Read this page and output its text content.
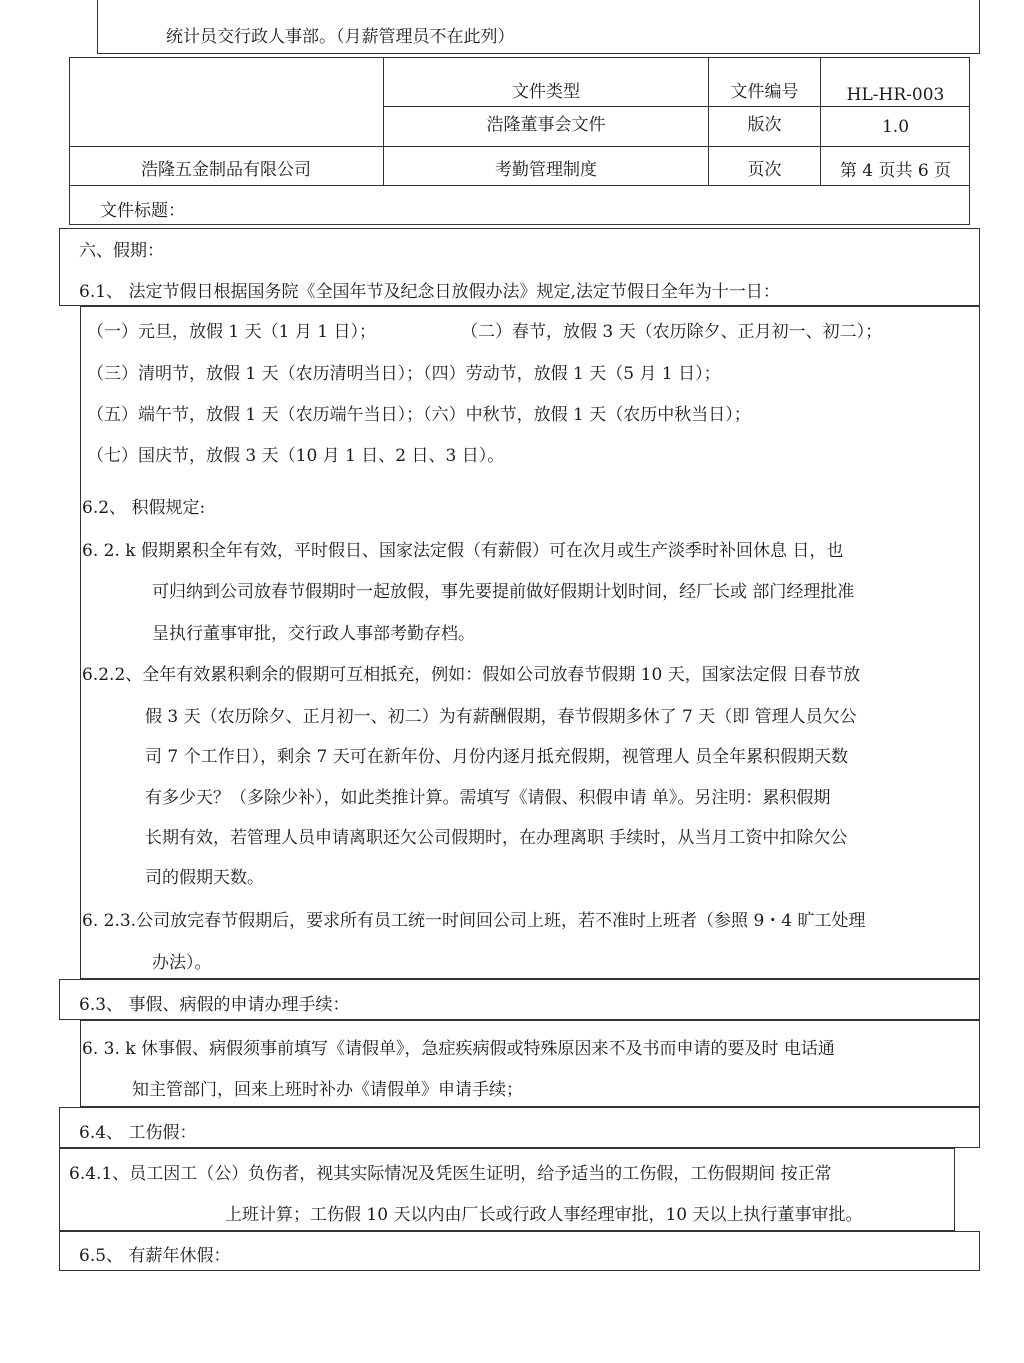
统计员交行政人事部。（月薪管理员不在此列）
文件类型	文件编号	HL-HR-003
浩隆董事会文件	版次	1.0
浩隆五金制品有限公司	考勤管理制度	页次	第 4 页共 6 页
文件标题：
六、假期：
6.1、 法定节假日根据国务院《全国年节及纪念日放假办法》规定,法定节假日全年为十一日：
（一）元旦，放假 1 天（1 月 1 日）；	（二）春节，放假 3 天（农历除夕、正月初一、初二）；
（三）清明节，放假 1 天（农历清明当日）；（四）劳动节，放假 1 天（5 月 1 日）；
（五）端午节，放假 1 天（农历端午当日）；（六）中秋节，放假 1 天（农历中秋当日）；
（七）国庆节，放假 3 天（10 月 1 日、2 日、3 日）。
6.2、 积假规定:
6. 2. k 假期累积全年有效，平时假日、国家法定假（有薪假）可在次月或生产淡季时补回休息 日，也
可归纳到公司放春节假期时一起放假，事先要提前做好假期计划时间，经厂长或 部门经理批准
呈执行董事审批，交行政人事部考勤存档。
6.2.2、全年有效累积剩余的假期可互相抵充，例如：假如公司放春节假期 10 天，国家法定假 日春节放
假 3 天（农历除夕、正月初一、初二）为有薪酬假期，春节假期多休了 7 天（即 管理人员欠公
司 7 个工作日），剩余 7 天可在新年份、月份内逐月抵充假期，视管理人 员全年累积假期天数
有多少天？（多除少补），如此类推计算。需填写《请假、积假申请 单》。另注明：累积假期
长期有效，若管理人员申请离职还欠公司假期时，在办理离职 手续时，从当月工资中扣除欠公
司的假期天数。
6. 2.3.公司放完春节假期后，要求所有员工统一时间回公司上班，若不准时上班者（参照 9・4 旷工处理
办法）。
6.3、 事假、病假的申请办理手续：
6. 3. k 休事假、病假须事前填写《请假单》，急症疾病假或特殊原因来不及书而申请的要及时 电话通
知主管部门，回来上班时补办《请假单》申请手续；
6.4、 工伤假：
6.4.1、员工因工（公）负伤者，视其实际情况及凭医生证明，给予适当的工伤假，工伤假期间 按正常
上班计算；工伤假 10 天以内由厂长或行政人事经理审批，10 天以上执行董事审批。
6.5、 有薪年休假：
